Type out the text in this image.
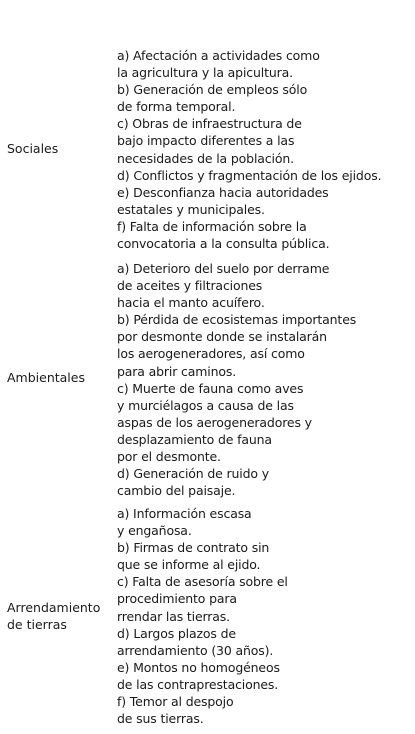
Sociales
a) Afectación a actividades como
la agricultura y la apicultura.
b) Generación de empleos sólo
de forma temporal.
c) Obras de infraestructura de
bajo impacto diferentes a las
necesidades de la población.
d) Conflictos y fragmentación de los ejidos.
e) Desconfianza hacia autoridades
estatales y municipales.
f) Falta de información sobre la
convocatoria a la consulta pública.
Ambientales
a) Deterioro del suelo por derrame
de aceites y filtraciones
hacia el manto acuífero.
b) Pérdida de ecosistemas importantes
por desmonte donde se instalarán
los aerogeneradores, así como
para abrir caminos.
c) Muerte de fauna como aves
y murciélagos a causa de las
aspas de los aerogeneradores y
desplazamiento de fauna
por el desmonte.
d) Generación de ruido y
cambio del paisaje.
Arrendamiento
de tierras
a) Información escasa
y engañosa.
b) Firmas de contrato sin
que se informe al ejido.
c) Falta de asesoría sobre el
procedimiento para
rrendar las tierras.
d) Largos plazos de
arrendamiento (30 años).
e) Montos no homogéneos
de las contraprestaciones.
f) Temor al despojo
de sus tierras.
